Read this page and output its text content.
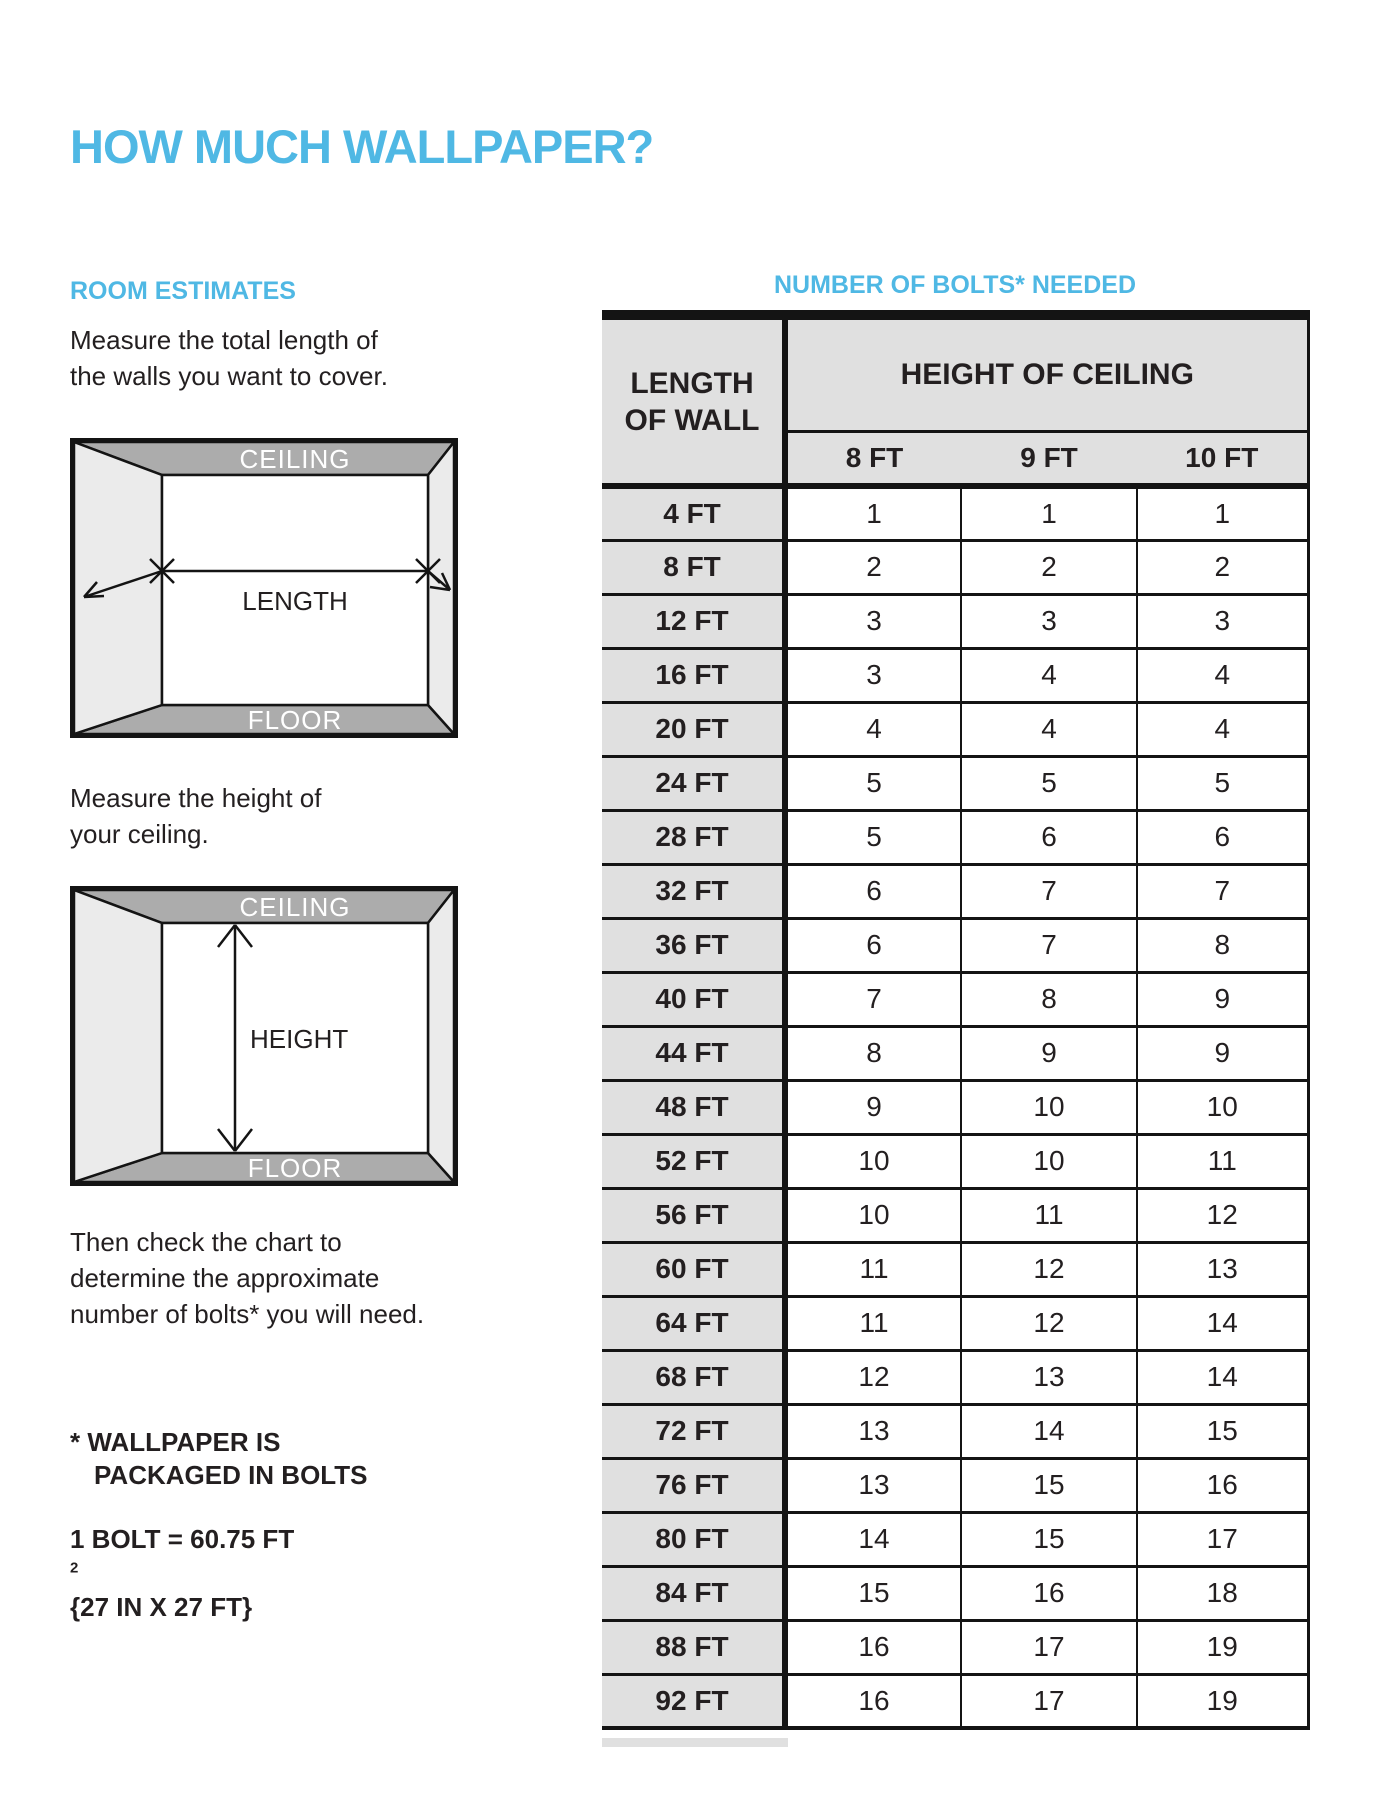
HOW MUCH WALLPAPER?
ROOM ESTIMATES
Measure the total length of
the walls you want to cover.
CEILING
FLOOR
LENGTH
Measure the height of
your ceiling.
CEILING
FLOOR
HEIGHT
Then check the chart to
determine the approximate
number of bolts* you will need.
* WALLPAPER IS
PACKAGED IN BOLTS
1 BOLT = 60.75 FT
$^2$
{27 IN X 27 FT}
NUMBER OF BOLTS* NEEDED
LENGTH
OF WALL	HEIGHT OF CEILING		
	8 FT	9 FT	10 FT
4 FT	1	1	1
8 FT	2	2	2
12 FT	3	3	3
16 FT	3	4	4
20 FT	4	4	4
24 FT	5	5	5
28 FT	5	6	6
32 FT	6	7	7
36 FT	6	7	8
40 FT	7	8	9
44 FT	8	9	9
48 FT	9	10	10
52 FT	10	10	11
56 FT	10	11	12
60 FT	11	12	13
64 FT	11	12	14
68 FT	12	13	14
72 FT	13	14	15
76 FT	13	15	16
80 FT	14	15	17
84 FT	15	16	18
88 FT	16	17	19
92 FT	16	17	19
